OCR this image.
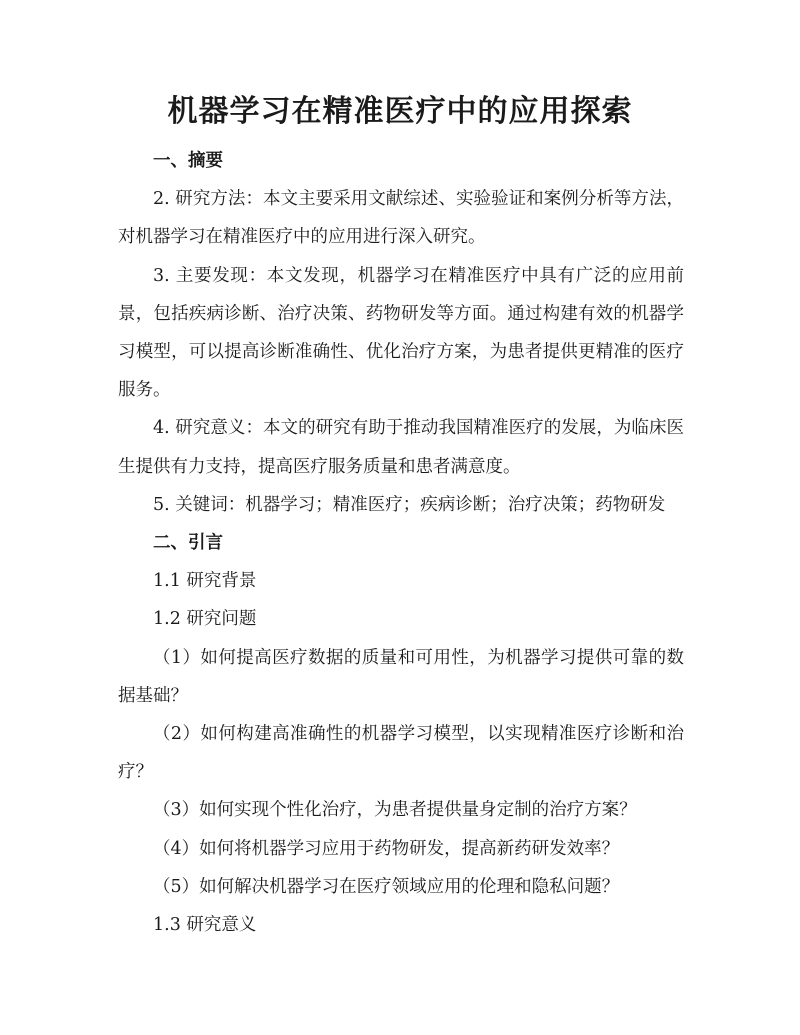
机器学习在精准医疗中的应用探索

一、摘要

2. 研究方法：本文主要采用文献综述、实验验证和案例分析等方法，对机器学习在精准医疗中的应用进行深入研究。

3. 主要发现：本文发现，机器学习在精准医疗中具有广泛的应用前景，包括疾病诊断、治疗决策、药物研发等方面。通过构建有效的机器学习模型，可以提高诊断准确性、优化治疗方案，为患者提供更精准的医疗服务。

4. 研究意义：本文的研究有助于推动我国精准医疗的发展，为临床医生提供有力支持，提高医疗服务质量和患者满意度。

5. 关键词：机器学习；精准医疗；疾病诊断；治疗决策；药物研发

二、引言

1.1 研究背景

1.2 研究问题

（1）如何提高医疗数据的质量和可用性，为机器学习提供可靠的数据基础？

（2）如何构建高准确性的机器学习模型，以实现精准医疗诊断和治疗？

（3）如何实现个性化治疗，为患者提供量身定制的治疗方案？

（4）如何将机器学习应用于药物研发，提高新药研发效率？

（5）如何解决机器学习在医疗领域应用的伦理和隐私问题？

1.3 研究意义
